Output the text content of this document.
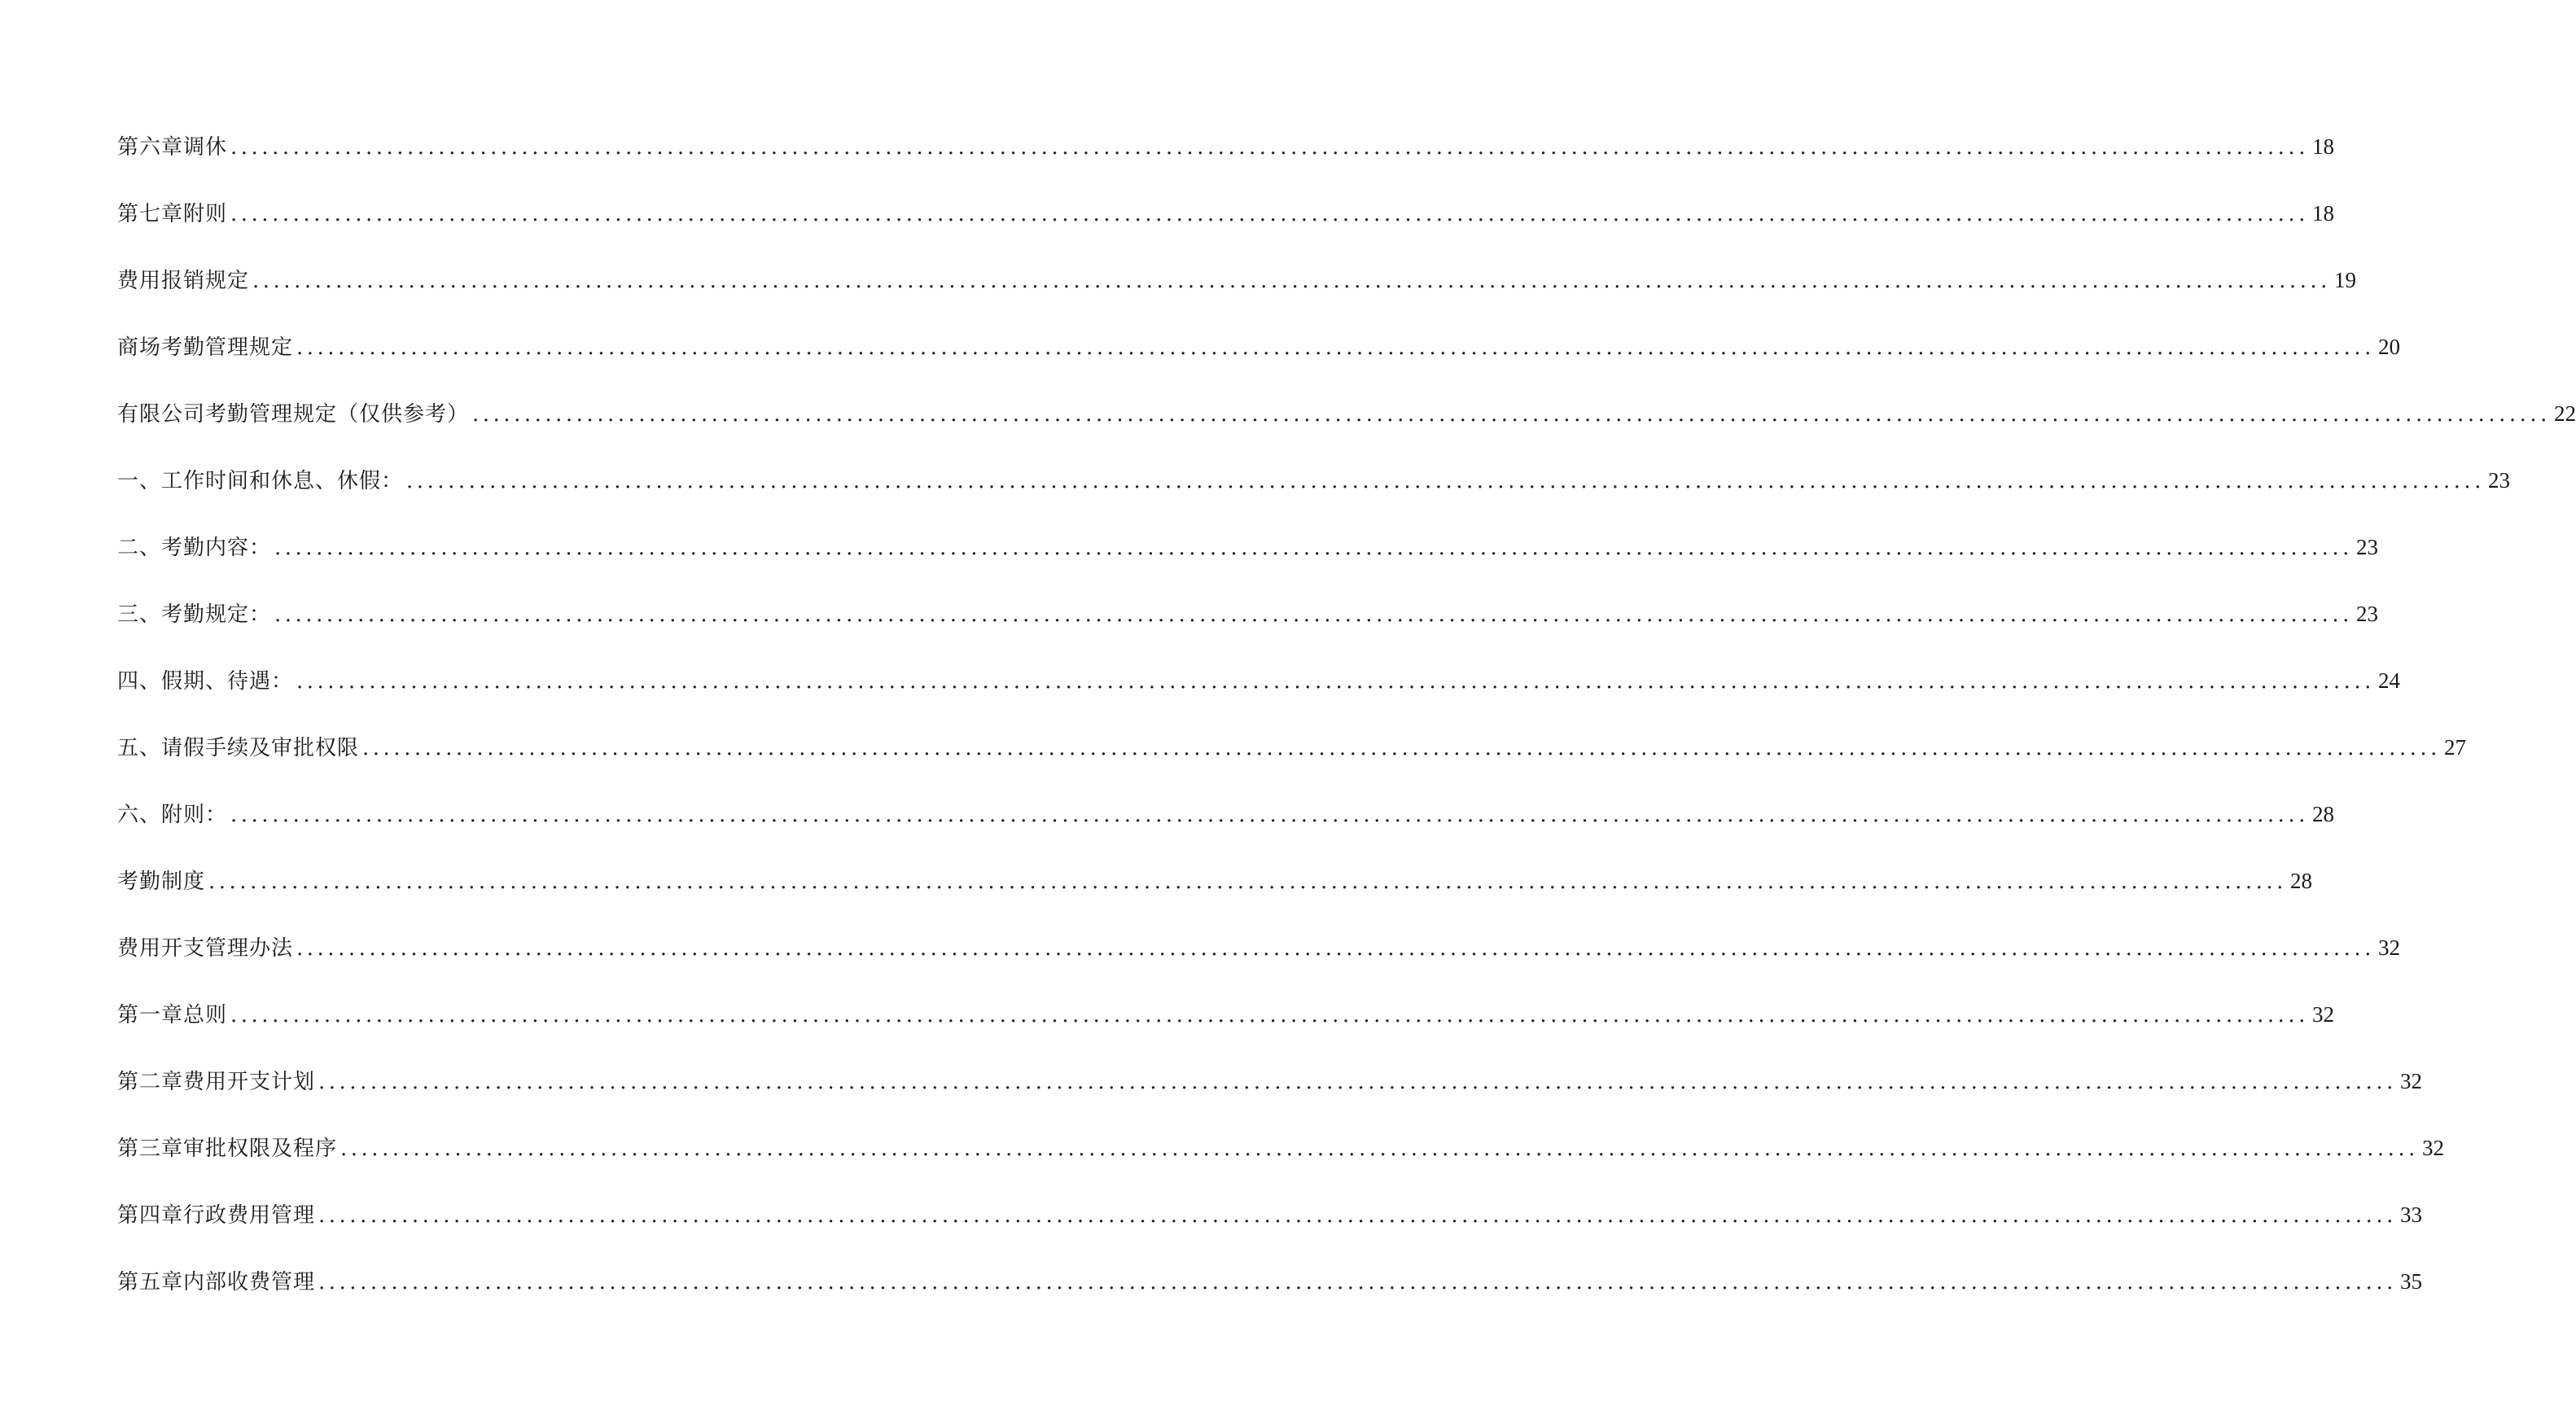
第六章调休 ........................................................................................................................................................................................................ 18
第七章附则 ........................................................................................................................................................................................................ 18
费用报销规定 ........................................................................................................................................................................................................ 19
商场考勤管理规定 ........................................................................................................................................................................................................ 20
有限公司考勤管理规定（仅供参考） ........................................................................................................................................................................................................ 22
一、工作时间和休息、休假： ........................................................................................................................................................................................................ 23
二、考勤内容： ........................................................................................................................................................................................................ 23
三、考勤规定： ........................................................................................................................................................................................................ 23
四、假期、待遇： ........................................................................................................................................................................................................ 24
五、请假手续及审批权限 ........................................................................................................................................................................................................ 27
六、附则： ........................................................................................................................................................................................................ 28
考勤制度 ........................................................................................................................................................................................................ 28
费用开支管理办法 ........................................................................................................................................................................................................ 32
第一章总则 ........................................................................................................................................................................................................ 32
第二章费用开支计划 ........................................................................................................................................................................................................ 32
第三章审批权限及程序 ........................................................................................................................................................................................................ 32
第四章行政费用管理 ........................................................................................................................................................................................................ 33
第五章内部收费管理 ........................................................................................................................................................................................................ 35
